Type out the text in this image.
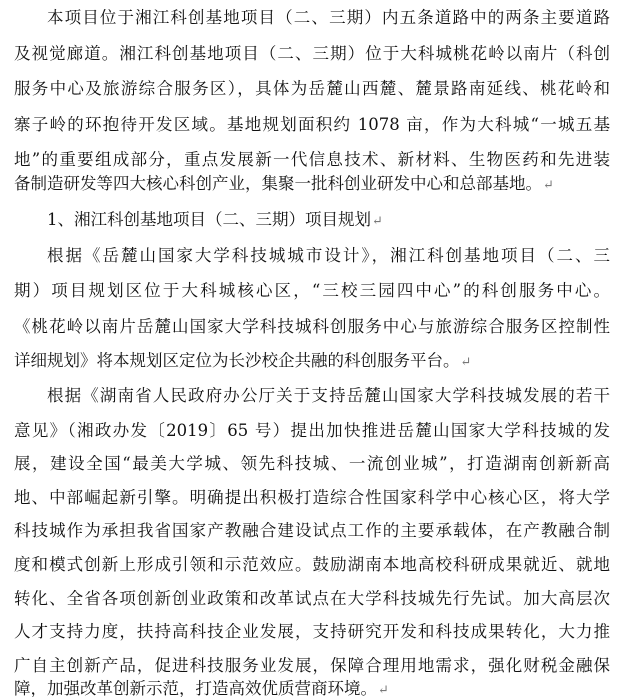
本项目位于湘江科创基地项目（二、三期）内五条道路中的两条主要道路
及视觉廊道。湘江科创基地项目（二、三期）位于大科城桃花岭以南片（科创
服务中心及旅游综合服务区），具体为岳麓山西麓、麓景路南延线、桃花岭和
寨子岭的环抱待开发区域。基地规划面积约 1078 亩，作为大科城“一城五基
地”的重要组成部分，重点发展新一代信息技术、新材料、生物医药和先进装
备制造研发等四大核心科创产业，集聚一批科创业研发中心和总部基地。↵
1、湘江科创基地项目（二、三期）项目规划↵
根据《岳麓山国家大学科技城城市设计》，湘江科创基地项目（二、三
期）项目规划区位于大科城核心区，“三校三园四中心”的科创服务中心。
《桃花岭以南片岳麓山国家大学科技城科创服务中心与旅游综合服务区控制性
详细规划》将本规划区定位为长沙校企共融的科创服务平台。↵
根据《湖南省人民政府办公厅关于支持岳麓山国家大学科技城发展的若干
意见》（湘政办发〔2019〕65 号）提出加快推进岳麓山国家大学科技城的发
展，建设全国“最美大学城、领先科技城、一流创业城”，打造湖南创新新高
地、中部崛起新引擎。明确提出积极打造综合性国家科学中心核心区，将大学
科技城作为承担我省国家产教融合建设试点工作的主要承载体，在产教融合制
度和模式创新上形成引领和示范效应。鼓励湖南本地高校科研成果就近、就地
转化、全省各项创新创业政策和改革试点在大学科技城先行先试。加大高层次
人才支持力度，扶持高科技企业发展，支持研究开发和科技成果转化，大力推
广自主创新产品，促进科技服务业发展，保障合理用地需求，强化财税金融保
障，加强改革创新示范，打造高效优质营商环境。↵
